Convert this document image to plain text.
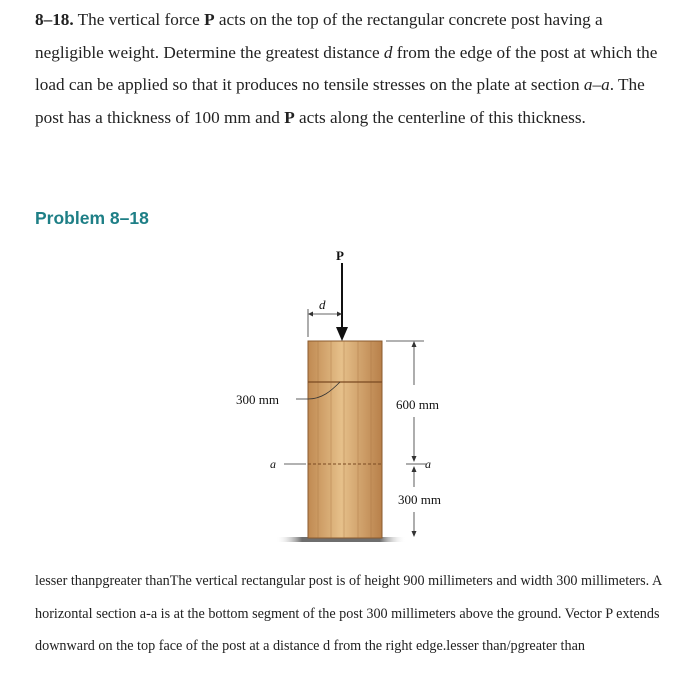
8–18. The vertical force P acts on the top of the rectangular concrete post having a negligible weight. Determine the greatest distance d from the edge of the post at which the load can be applied so that it produces no tensile stresses on the plate at section a–a. The post has a thickness of 100 mm and P acts along the centerline of this thickness.

Problem 8–18
P
d
300 mm	600 mm
300 mm
a	a

lesser thanpgreater thanThe vertical rectangular post is of height 900 millimeters and width 300 millimeters. A horizontal section a-a is at the bottom segment of the post 300 millimeters above the ground. Vector P extends downward on the top face of the post at a distance d from the right edge.lesser than/pgreater than
